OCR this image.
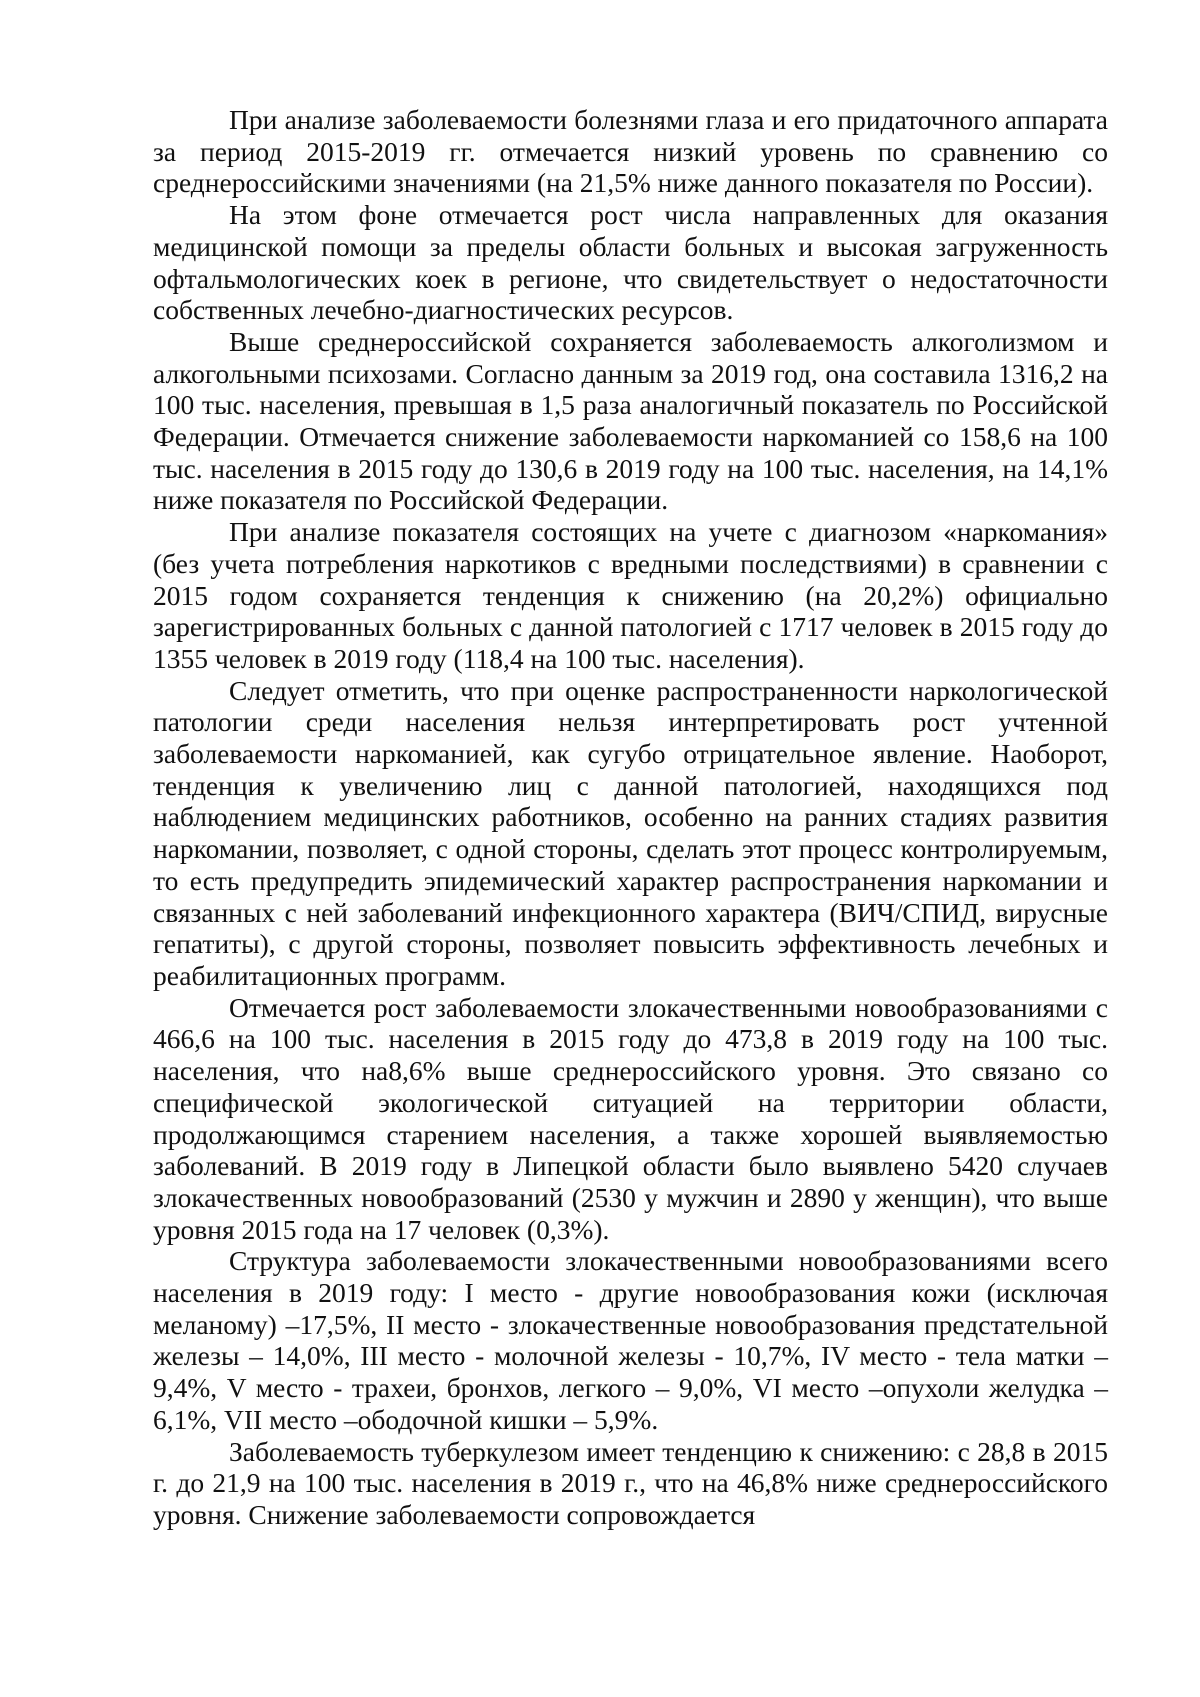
При анализе заболеваемости болезнями глаза и его придаточного аппарата за период 2015-2019 гг. отмечается низкий уровень по сравнению со среднероссийскими значениями (на 21,5% ниже данного показателя по России).

На этом фоне отмечается рост числа направленных для оказания медицинской помощи за пределы области больных и высокая загруженность офтальмологических коек в регионе, что свидетельствует о недостаточности собственных лечебно-диагностических ресурсов.

Выше среднероссийской сохраняется заболеваемость алкоголизмом и алкогольными психозами. Согласно данным за 2019 год, она составила 1316,2 на 100 тыс. населения, превышая в 1,5 раза аналогичный показатель по Российской Федерации. Отмечается снижение заболеваемости наркоманией со 158,6 на 100 тыс. населения в 2015 году до 130,6 в 2019 году на 100 тыс. населения, на 14,1% ниже показателя по Российской Федерации.

При анализе показателя состоящих на учете с диагнозом «наркомания» (без учета потребления наркотиков с вредными последствиями) в сравнении с 2015 годом сохраняется тенденция к снижению (на 20,2%) официально зарегистрированных больных с данной патологией с 1717 человек в 2015 году до 1355 человек в 2019 году (118,4 на 100 тыс. населения).

Следует отметить, что при оценке распространенности наркологической патологии среди населения нельзя интерпретировать рост учтенной заболеваемости наркоманией, как сугубо отрицательное явление. Наоборот, тенденция к увеличению лиц с данной патологией, находящихся под наблюдением медицинских работников, особенно на ранних стадиях развития наркомании, позволяет, с одной стороны, сделать этот процесс контролируемым, то есть предупредить эпидемический характер распространения наркомании и связанных с ней заболеваний инфекционного характера (ВИЧ/СПИД, вирусные гепатиты), с другой стороны, позволяет повысить эффективность лечебных и реабилитационных программ.

Отмечается рост заболеваемости злокачественными новообразованиями с 466,6 на 100 тыс. населения в 2015 году до 473,8 в 2019 году на 100 тыс. населения, что на8,6% выше среднероссийского уровня. Это связано со специфической экологической ситуацией на территории области, продолжающимся старением населения, а также хорошей выявляемостью заболеваний. В 2019 году в Липецкой области было выявлено 5420 случаев злокачественных новообразований (2530 у мужчин и 2890 у женщин), что выше уровня 2015 года на 17 человек (0,3%).

Структура заболеваемости злокачественными новообразованиями всего населения в 2019 году: I место - другие новообразования кожи (исключая меланому) –17,5%, II место - злокачественные новообразования предстательной железы – 14,0%, III место - молочной железы - 10,7%, IV место - тела матки – 9,4%, V место - трахеи, бронхов, легкого – 9,0%, VI место –опухоли желудка – 6,1%, VII место –ободочной кишки – 5,9%.

Заболеваемость туберкулезом имеет тенденцию к снижению: с 28,8 в 2015 г. до 21,9 на 100 тыс. населения в 2019 г., что на 46,8% ниже среднероссийского уровня. Снижение заболеваемости сопровождается
